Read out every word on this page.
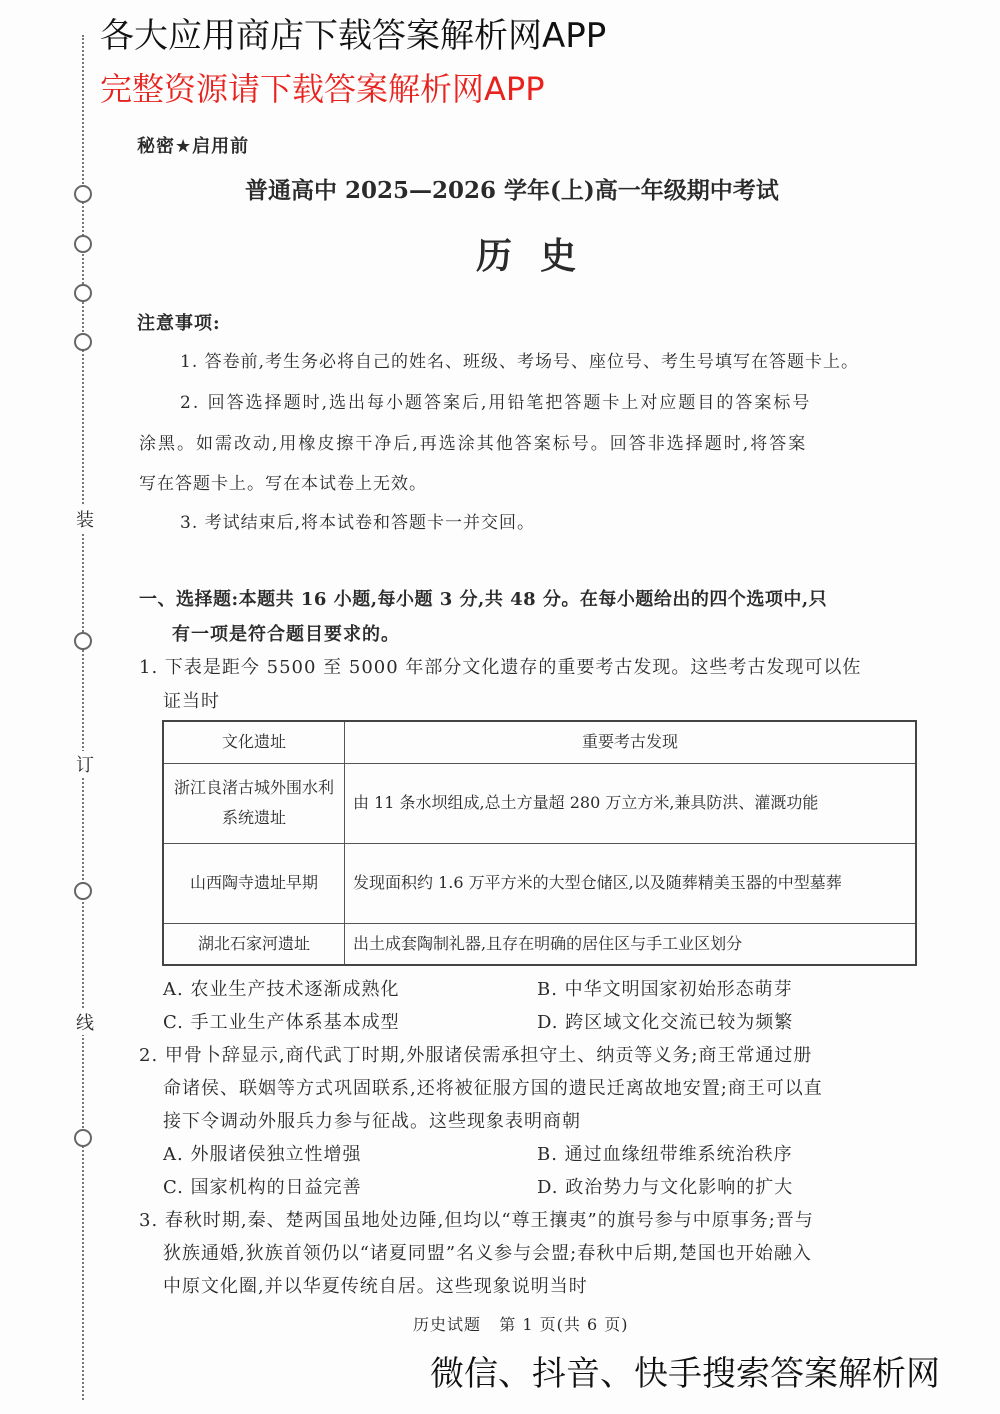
装
订
线
各大应用商店下载答案解析网APP
完整资源请下载答案解析网APP
秘密★启用前
普通高中 2025—2026 学年(上)高一年级期中考试
历  史
注意事项:
1. 答卷前,考生务必将自己的姓名、班级、考场号、座位号、考生号填写在答题卡上。
2. 回答选择题时,选出每小题答案后,用铅笔把答题卡上对应题目的答案标号
涂黑。如需改动,用橡皮擦干净后,再选涂其他答案标号。回答非选择题时,将答案
写在答题卡上。写在本试卷上无效。
3. 考试结束后,将本试卷和答题卡一并交回。
一、选择题:本题共 16 小题,每小题 3 分,共 48 分。在每小题给出的四个选项中,只
有一项是符合题目要求的。
1. 下表是距今 5500 至 5000 年部分文化遗存的重要考古发现。这些考古发现可以佐
证当时
文化遗址	重要考古发现
浙江良渚古城外围水利系统遗址	由 11 条水坝组成,总土方量超 280 万立方米,兼具防洪、灌溉功能
山西陶寺遗址早期	发现面积约 1.6 万平方米的大型仓储区,以及随葬精美玉器的中型墓葬
湖北石家河遗址	出土成套陶制礼器,且存在明确的居住区与手工业区划分
A. 农业生产技术逐渐成熟化	B. 中华文明国家初始形态萌芽
C. 手工业生产体系基本成型	D. 跨区域文化交流已较为频繁
2. 甲骨卜辞显示,商代武丁时期,外服诸侯需承担守土、纳贡等义务;商王常通过册
命诸侯、联姻等方式巩固联系,还将被征服方国的遗民迁离故地安置;商王可以直
接下令调动外服兵力参与征战。这些现象表明商朝
A. 外服诸侯独立性增强	B. 通过血缘纽带维系统治秩序
C. 国家机构的日益完善	D. 政治势力与文化影响的扩大
3. 春秋时期,秦、楚两国虽地处边陲,但均以“尊王攘夷”的旗号参与中原事务;晋与
狄族通婚,狄族首领仍以“诸夏同盟”名义参与会盟;春秋中后期,楚国也开始融入
中原文化圈,并以华夏传统自居。这些现象说明当时
历史试题   第 1 页(共 6 页)
微信、抖音、快手搜索答案解析网
